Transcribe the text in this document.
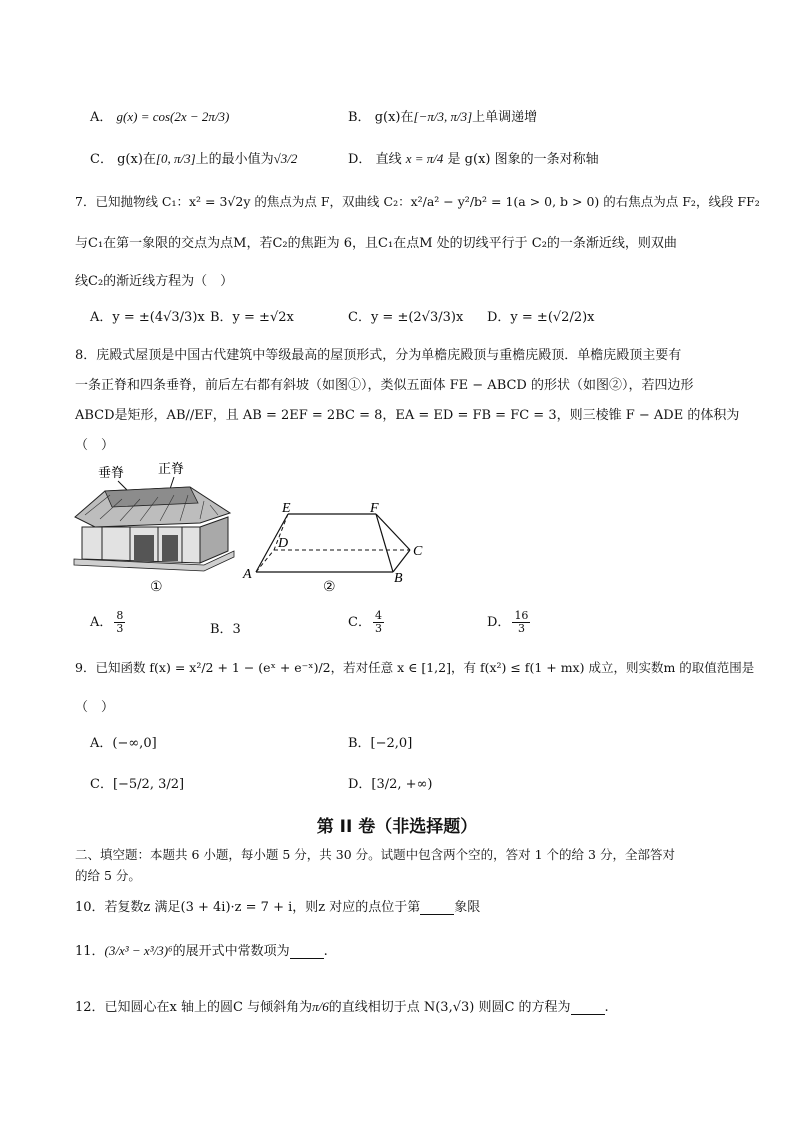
A． g(x) = cos(2x − 2π/3)	B． g(x)在[−π/3, π/3]上单调递增
C． g(x)在[0, π/3]上的最小值为√3/2	D． 直线 x = π/4 是 g(x) 图象的一条对称轴
7．已知抛物线 C₁：x² = 3√2y 的焦点为点 F，双曲线 C₂：x²/a² − y²/b² = 1(a > 0, b > 0) 的右焦点为点 F₂，线段 FF₂
与C₁在第一象限的交点为点M，若C₂的焦距为 6，且C₁在点M 处的切线平行于 C₂的一条渐近线，则双曲
线C₂的渐近线方程为（　）
A．y = ±(4√3/3)x B．y = ±√2x	C．y = ±(2√3/3)x D．y = ±(√2/2)x
8．庑殿式屋顶是中国古代建筑中等级最高的屋顶形式，分为单檐庑殿顶与重檐庑殿顶．单檐庑殿顶主要有
一条正脊和四条垂脊，前后左右都有斜坡（如图①），类似五面体 FE − ABCD 的形状（如图②），若四边形
ABCD是矩形，AB//EF，且 AB = 2EF = 2BC = 8，EA = ED = FB = FC = 3，则三棱锥 F − ADE 的体积为
（　）
垂脊	正脊
①
E	F
D
C
A	B
②
A． $\frac{8}{3}$	B．3	C． $\frac{4}{3}$	D． $\frac{16}{3}$
9．已知函数 f(x) = x²/2 + 1 − (eˣ + e⁻ˣ)/2，若对任意 x ∈ [1,2]，有 f(x²) ≤ f(1 + mx) 成立，则实数m 的取值范围是
（　）
A．(−∞,0]	B．[−2,0]
C．[−5/2, 3/2]	D．[3/2, +∞)
第 II 卷（非选择题）
二、填空题：本题共 6 小题，每小题 5 分，共 30 分。试题中包含两个空的，答对 1 个的给 3 分，全部答对
的给 5 分。
10．若复数z 满足(3 + 4i)·z = 7 + i，则z 对应的点位于第	象限
11．(3/x³ − x³/3)⁶的展开式中常数项为	.
12．已知圆心在x 轴上的圆C 与倾斜角为π/6的直线相切于点 N(3,√3) 则圆C 的方程为	.
